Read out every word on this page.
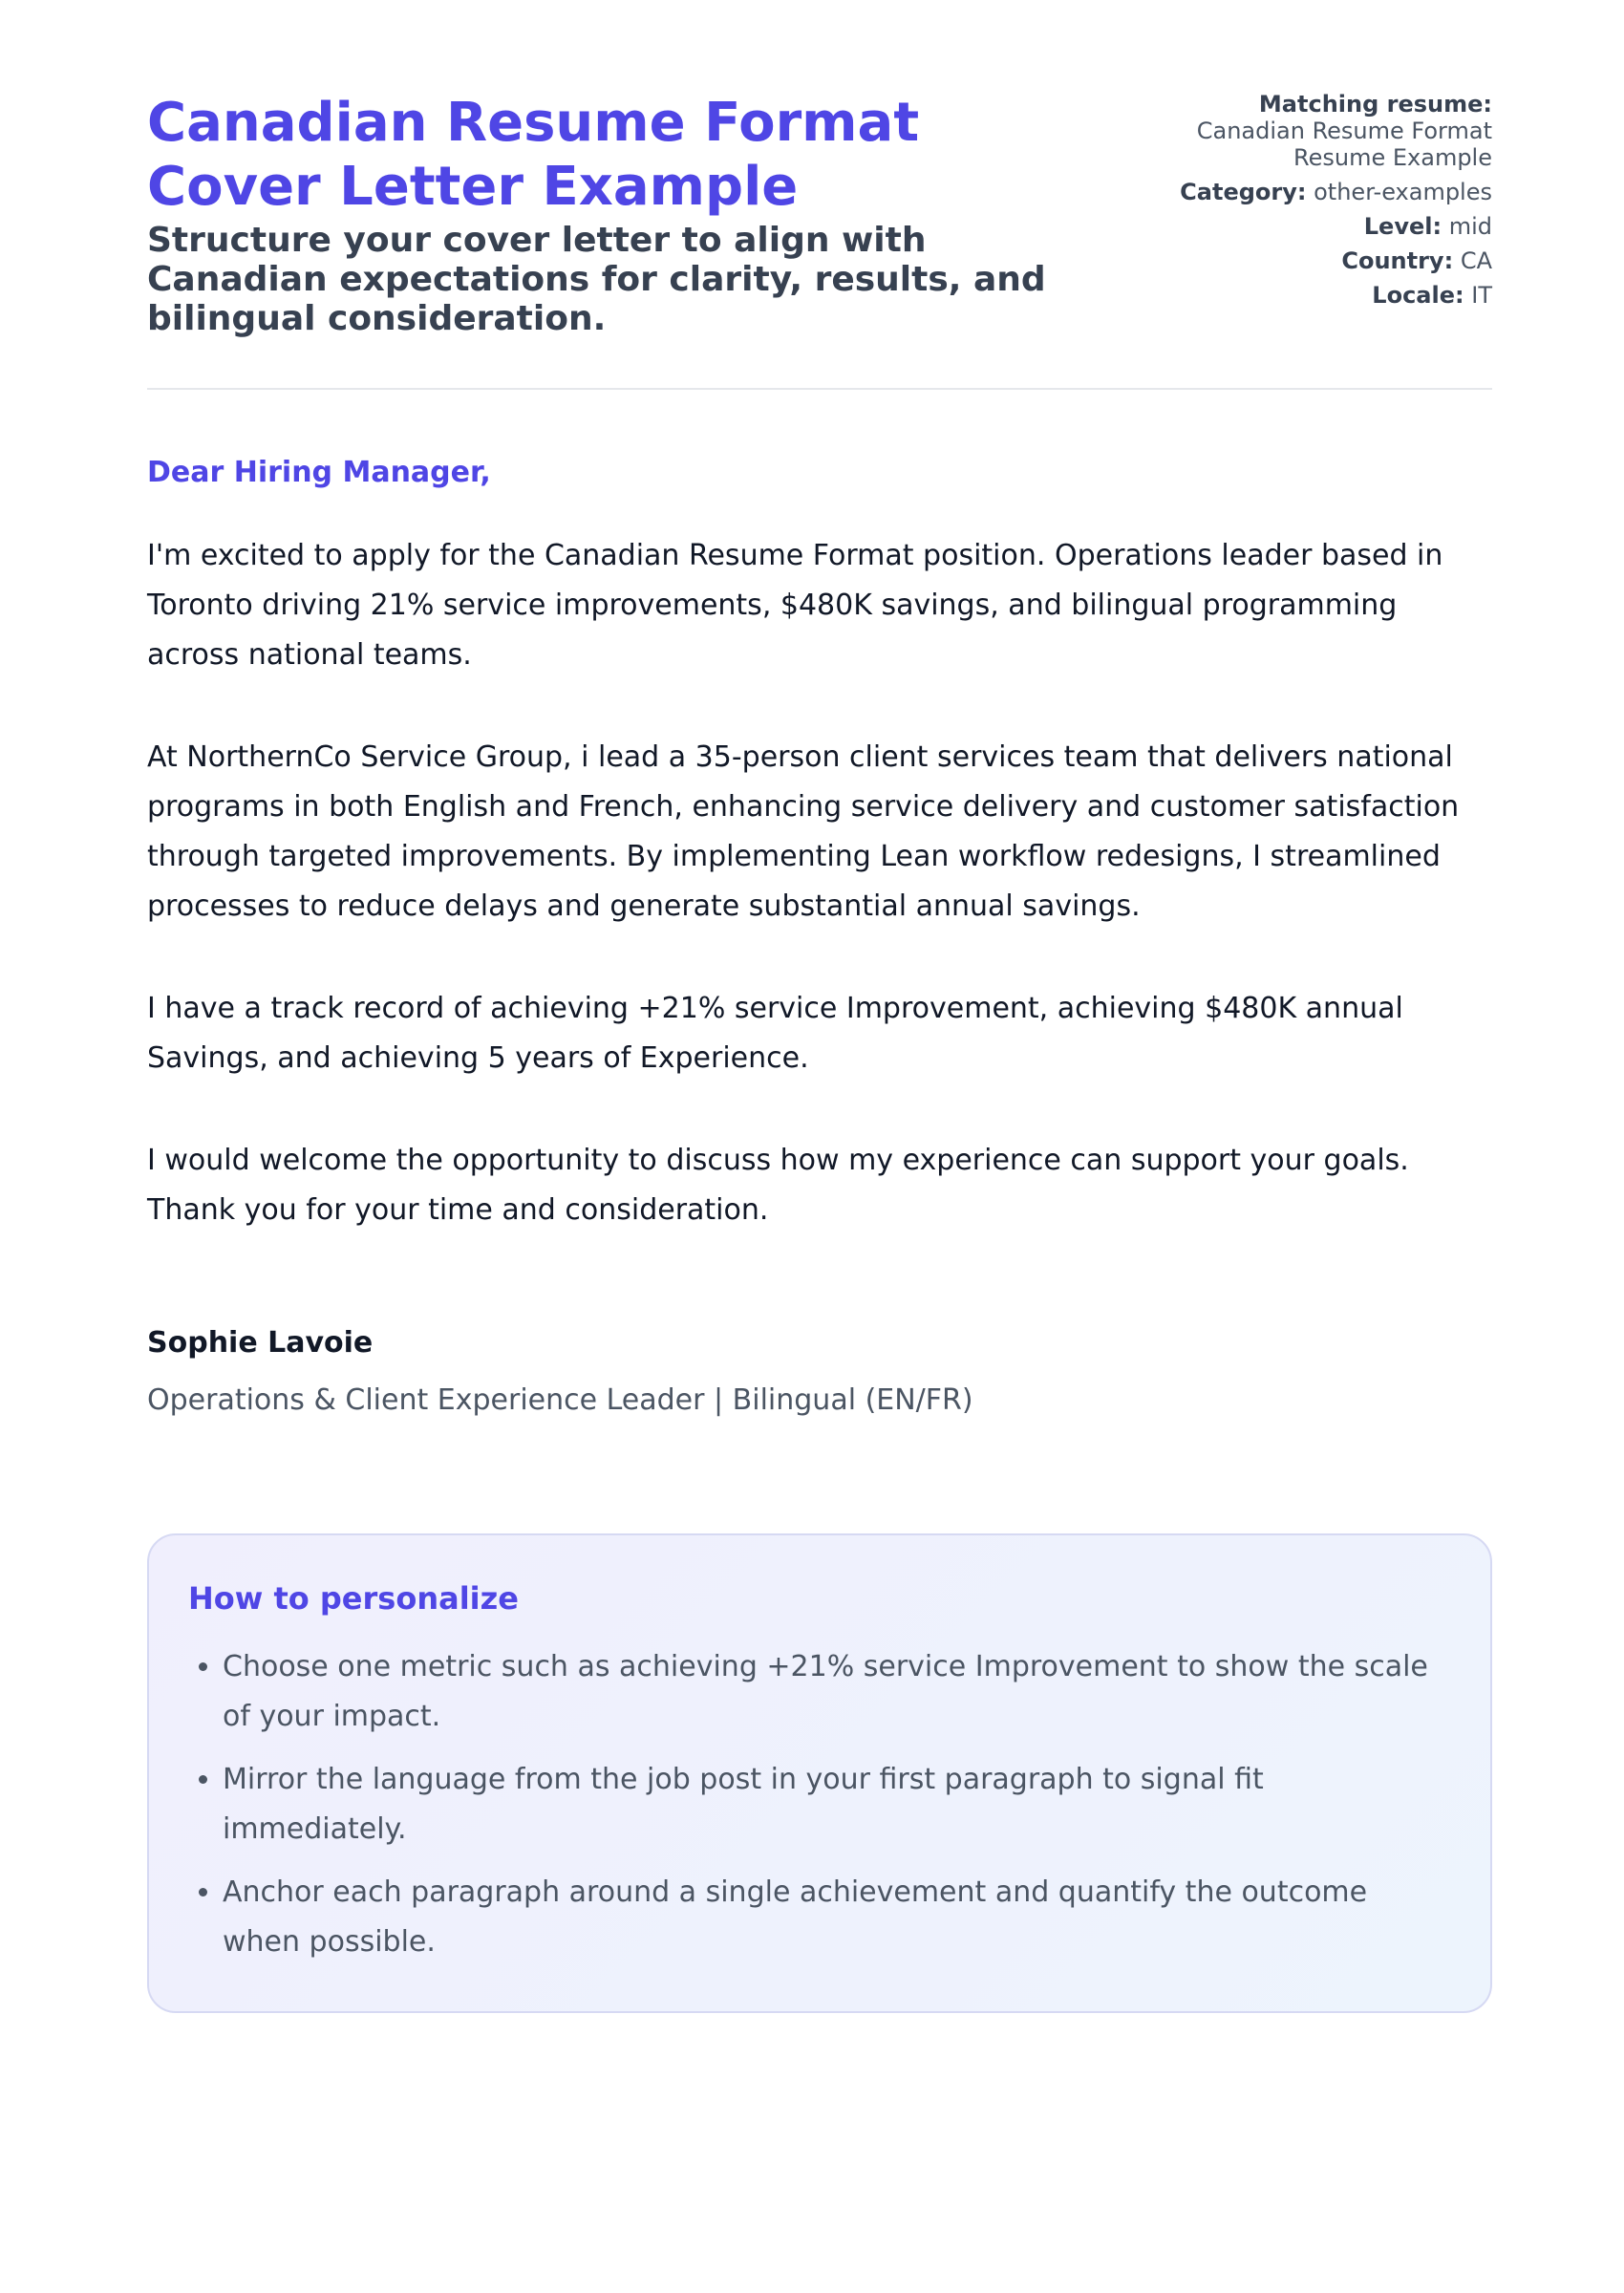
Canadian Resume Format Cover Letter Example
Structure your cover letter to align with Canadian expectations for clarity, results, and bilingual consideration.
Matching resume:
Canadian Resume Format Resume Example
Category: other-examples
Level: mid
Country: CA
Locale: IT
Dear Hiring Manager,

I'm excited to apply for the Canadian Resume Format position. Operations leader based in Toronto driving 21% service improvements, $480K savings, and bilingual programming across national teams.

At NorthernCo Service Group, i lead a 35-person client services team that delivers national programs in both English and French, enhancing service delivery and customer satisfaction through targeted improvements. By implementing Lean workflow redesigns, I streamlined processes to reduce delays and generate substantial annual savings.

I have a track record of achieving +21% service Improvement, achieving $480K annual Savings, and achieving 5 years of Experience.

I would welcome the opportunity to discuss how my experience can support your goals. Thank you for your time and consideration.

Sophie Lavoie
Operations & Client Experience Leader | Bilingual (EN/FR)
How to personalize
• Choose one metric such as achieving +21% service Improvement to show the scale of your impact.
• Mirror the language from the job post in your first paragraph to signal fit immediately.
• Anchor each paragraph around a single achievement and quantify the outcome when possible.
